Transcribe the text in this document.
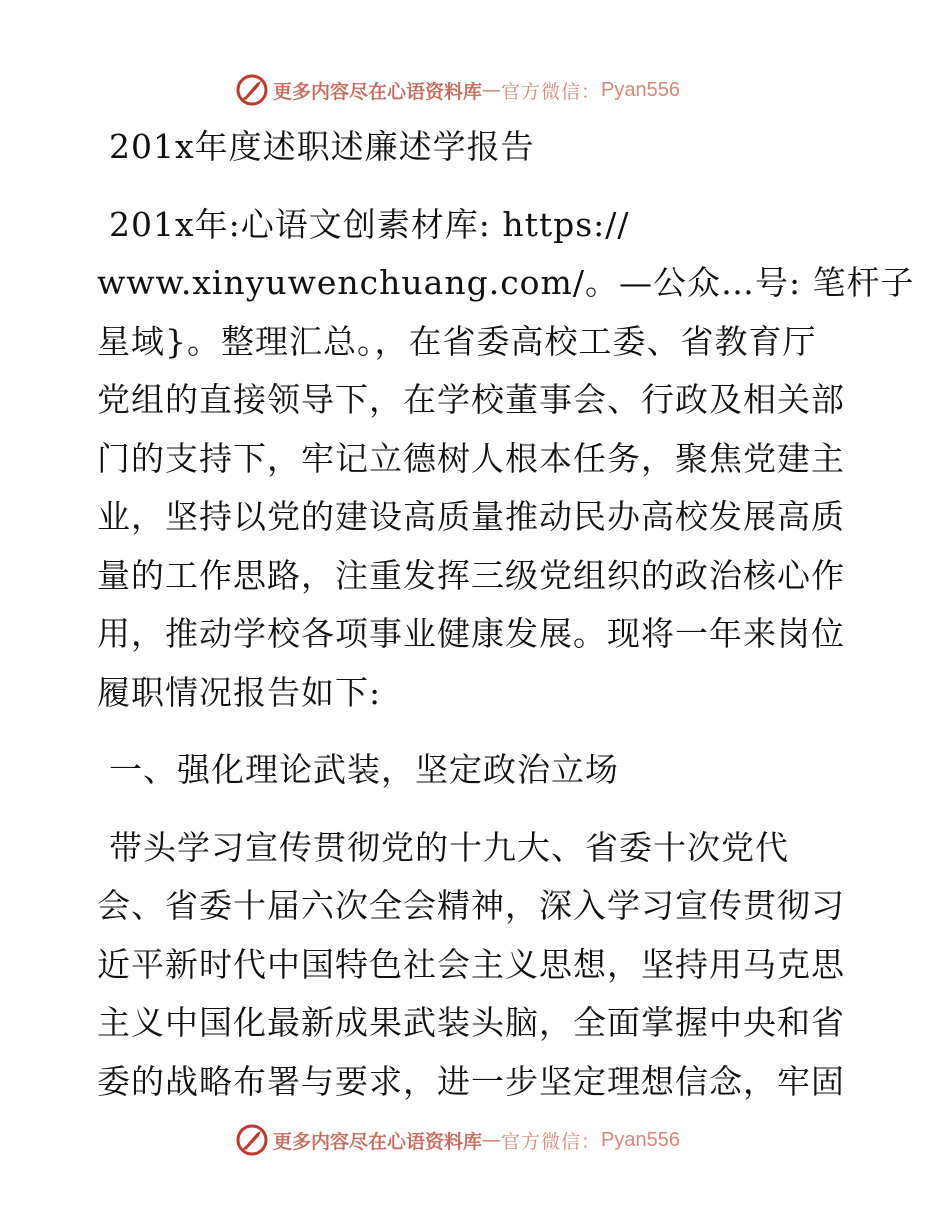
更多内容尽在心语资料库 — 官方微信： Pyan556
201x年度述职述廉述学报告
201x年:心语文创素材库: https://
www.xinyuwenchuang.com/。—公众…号: 笔杆子
星域}。整理汇总。，在省委高校工委、省教育厅
党组的直接领导下，在学校董事会、行政及相关部
门的支持下，牢记立德树人根本任务，聚焦党建主
业，坚持以党的建设高质量推动民办高校发展高质
量的工作思路，注重发挥三级党组织的政治核心作
用，推动学校各项事业健康发展。现将一年来岗位
履职情况报告如下:
一、强化理论武装，坚定政治立场
带头学习宣传贯彻党的十九大、省委十次党代
会、省委十届六次全会精神，深入学习宣传贯彻习
近平新时代中国特色社会主义思想，坚持用马克思
主义中国化最新成果武装头脑，全面掌握中央和省
委的战略布署与要求，进一步坚定理想信念，牢固
更多内容尽在心语资料库 — 官方微信： Pyan556
